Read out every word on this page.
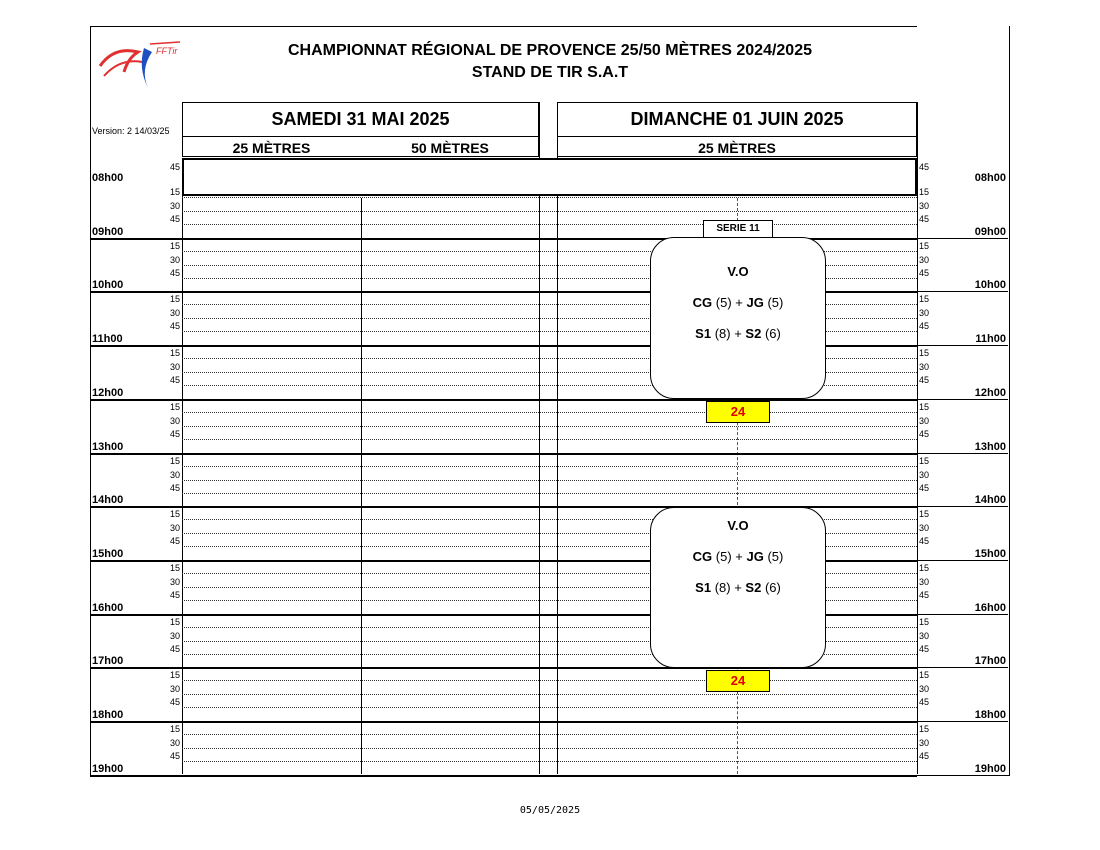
FFTir	CHAMPIONNAT RÉGIONAL DE PROVENCE 25/50 MÈTRES 2024/2025
STAND DE TIR S.A.T
Version: 2 14/03/25
SAMEDI 31 MAI 2025
25 MÈTRES	50 MÈTRES
DIMANCHE 01 JUIN 2025
25 MÈTRES
08h00	08h00
09h00	09h00
10h00	10h00
11h00	11h00
12h00	12h00
13h00	13h00
14h00	14h00
15h00	15h00
16h00	16h00
17h00	17h00
18h00	18h00
19h00	19h00
45	45
15	15
30	30
45	45
15	15
30	30
45	45
15	15
30	30
45	45
15	15
30	30
45	45
15	15
30	30
45	45
15	15
30	30
45	45
15	15
30	30
45	45
15	15
30	30
45	45
15	15
30	30
45	45
15	15
30	30
45	45
15	15
30	30
45	45
SERIE 11
V.O
CG (5) + JG (5)
S1 (8) + S2 (6)
24
V.O
CG (5) + JG (5)
S1 (8) + S2 (6)
24
05/05/2025
